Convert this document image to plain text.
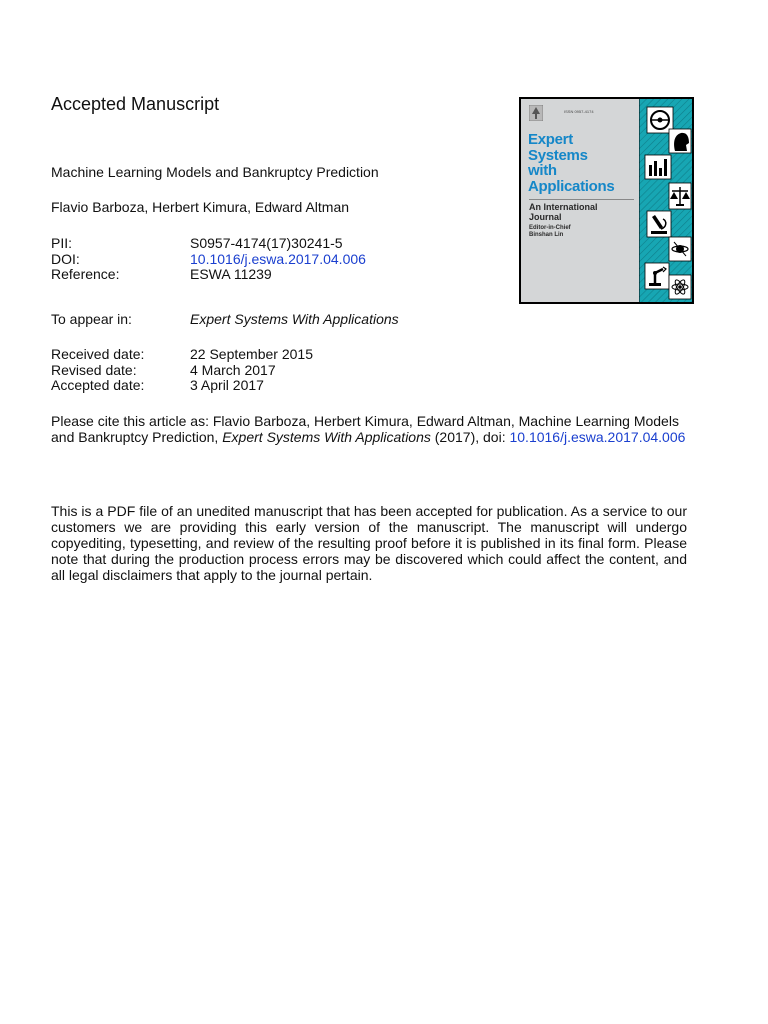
Accepted Manuscript
Machine Learning Models and Bankruptcy Prediction
Flavio Barboza, Herbert Kimura, Edward Altman
PII:	S0957-4174(17)30241-5
DOI:	10.1016/j.eswa.2017.04.006
Reference:	ESWA 11239
To appear in:	Expert Systems With Applications
Received date:	22 September 2015
Revised date:	4 March 2017
Accepted date:	3 April 2017
Please cite this article as: Flavio Barboza, Herbert Kimura, Edward Altman, Machine Learning Models
and Bankruptcy Prediction, Expert Systems With Applications (2017), doi: 10.1016/j.eswa.2017.04.006
This is a PDF file of an unedited manuscript that has been accepted for publication. As a service to our customers we are providing this early version of the manuscript. The manuscript will undergo copyediting, typesetting, and review of the resulting proof before it is published in its final form. Please note that during the production process errors may be discovered which could affect the content, and all legal disclaimers that apply to the journal pertain.
ISSN 0957-4174
Expert
Systems
with
Applications
An International
Journal
Editor-in-Chief
Binshan Lin
